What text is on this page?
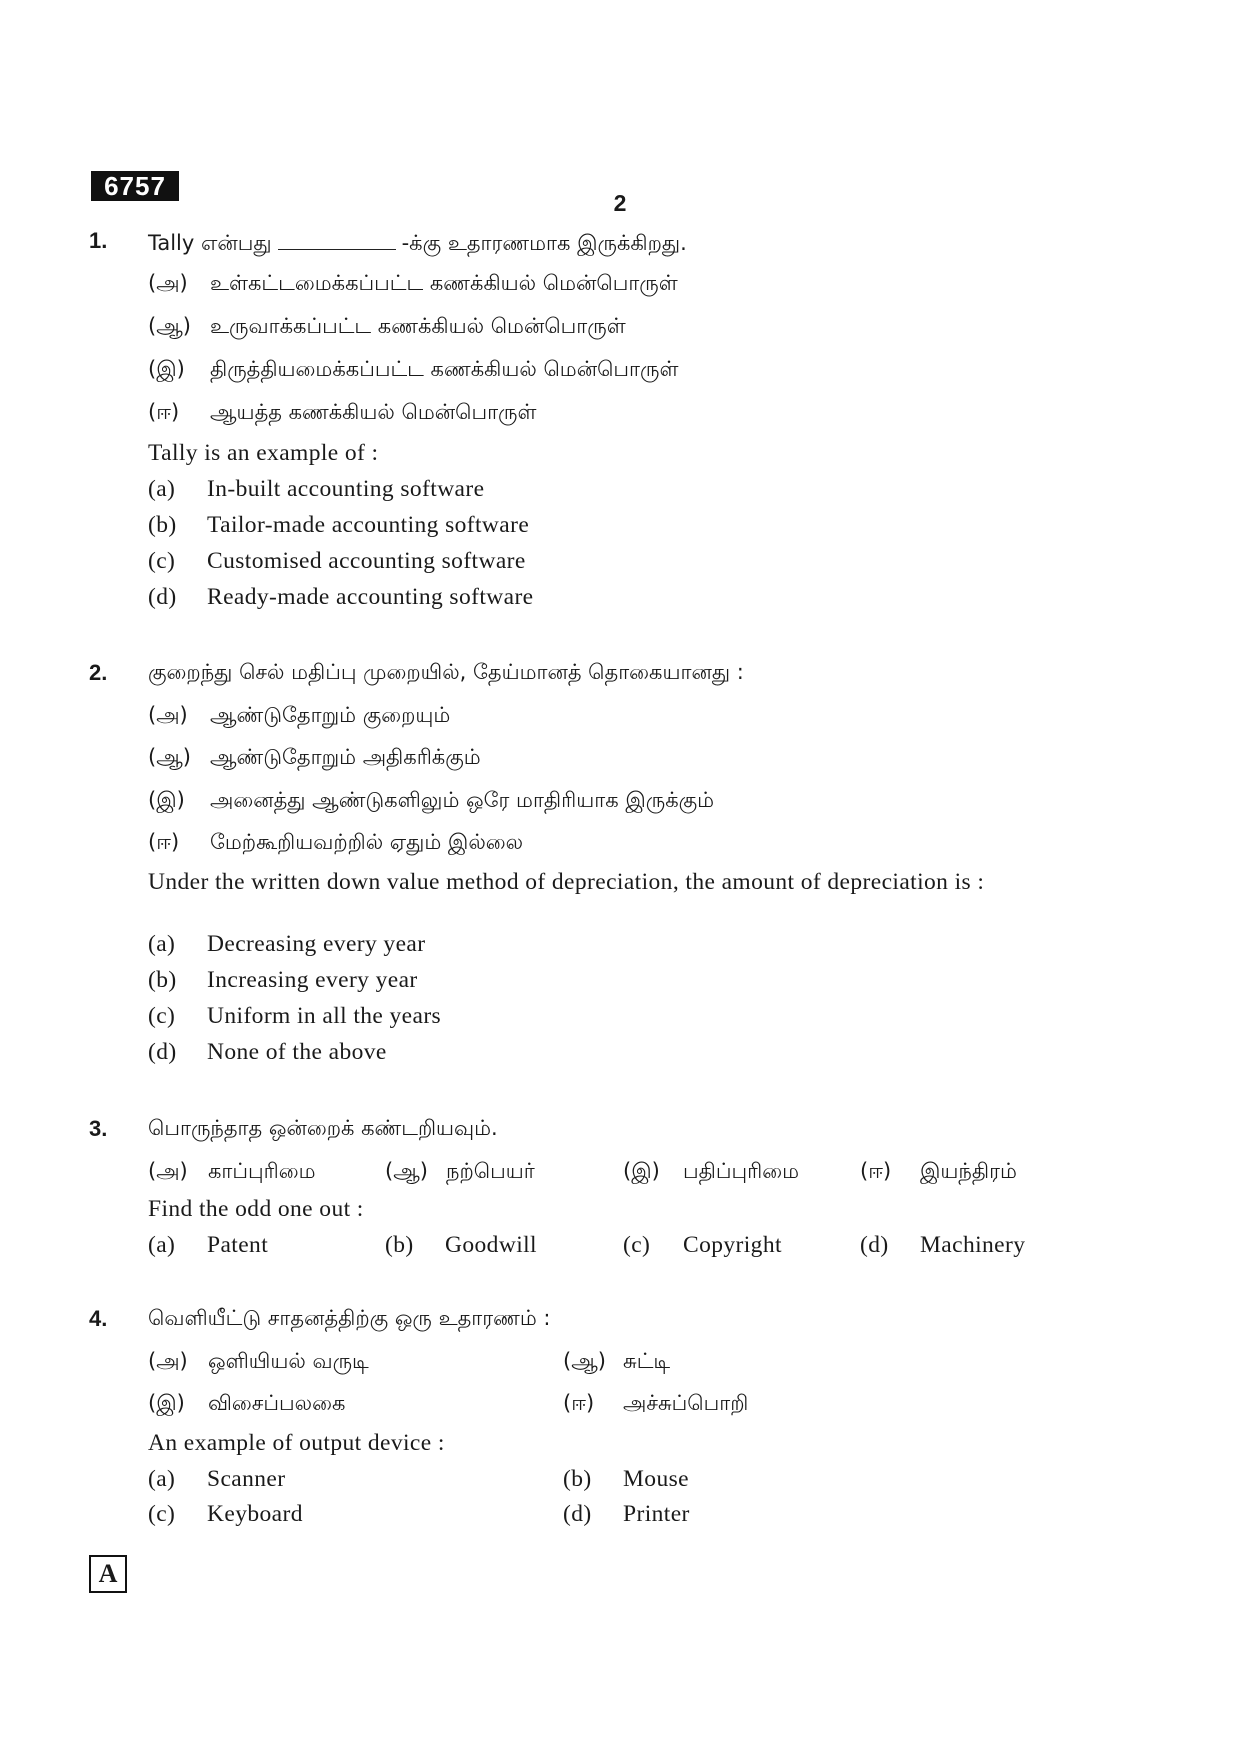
6757
2
1.	Tally என்பது	-க்கு உதாரணமாக இருக்கிறது.
(அ) உள்கட்டமைக்கப்பட்ட கணக்கியல் மென்பொருள்
(ஆ) உருவாக்கப்பட்ட கணக்கியல் மென்பொருள்
(இ) திருத்தியமைக்கப்பட்ட கணக்கியல் மென்பொருள்
(ஈ) ஆயத்த கணக்கியல் மென்பொருள்
Tally is an example of :
(a) In-built accounting software
(b) Tailor-made accounting software
(c) Customised accounting software
(d) Ready-made accounting software
2.	குறைந்து செல் மதிப்பு முறையில், தேய்மானத் தொகையானது :
(அ) ஆண்டுதோறும் குறையும்
(ஆ) ஆண்டுதோறும் அதிகரிக்கும்
(இ) அனைத்து ஆண்டுகளிலும் ஒரே மாதிரியாக இருக்கும்
(ஈ) மேற்கூறியவற்றில் ஏதும் இல்லை
Under the written down value method of depreciation, the amount of depreciation is :
(a) Decreasing every year
(b) Increasing every year
(c) Uniform in all the years
(d) None of the above
3.	பொருந்தாத ஒன்றைக் கண்டறியவும்.
(அ) காப்புரிமை	(ஆ) நற்பெயர்	(இ) பதிப்புரிமை	(ஈ) இயந்திரம்
Find the odd one out :
(a) Patent	(b) Goodwill	(c) Copyright	(d) Machinery
4.	வெளியீட்டு சாதனத்திற்கு ஒரு உதாரணம் :
(அ) ஒளியியல் வருடி	(ஆ) சுட்டி
(இ) விசைப்பலகை	(ஈ) அச்சுப்பொறி
An example of output device :
(a) Scanner	(b) Mouse
(c) Keyboard	(d) Printer
A
